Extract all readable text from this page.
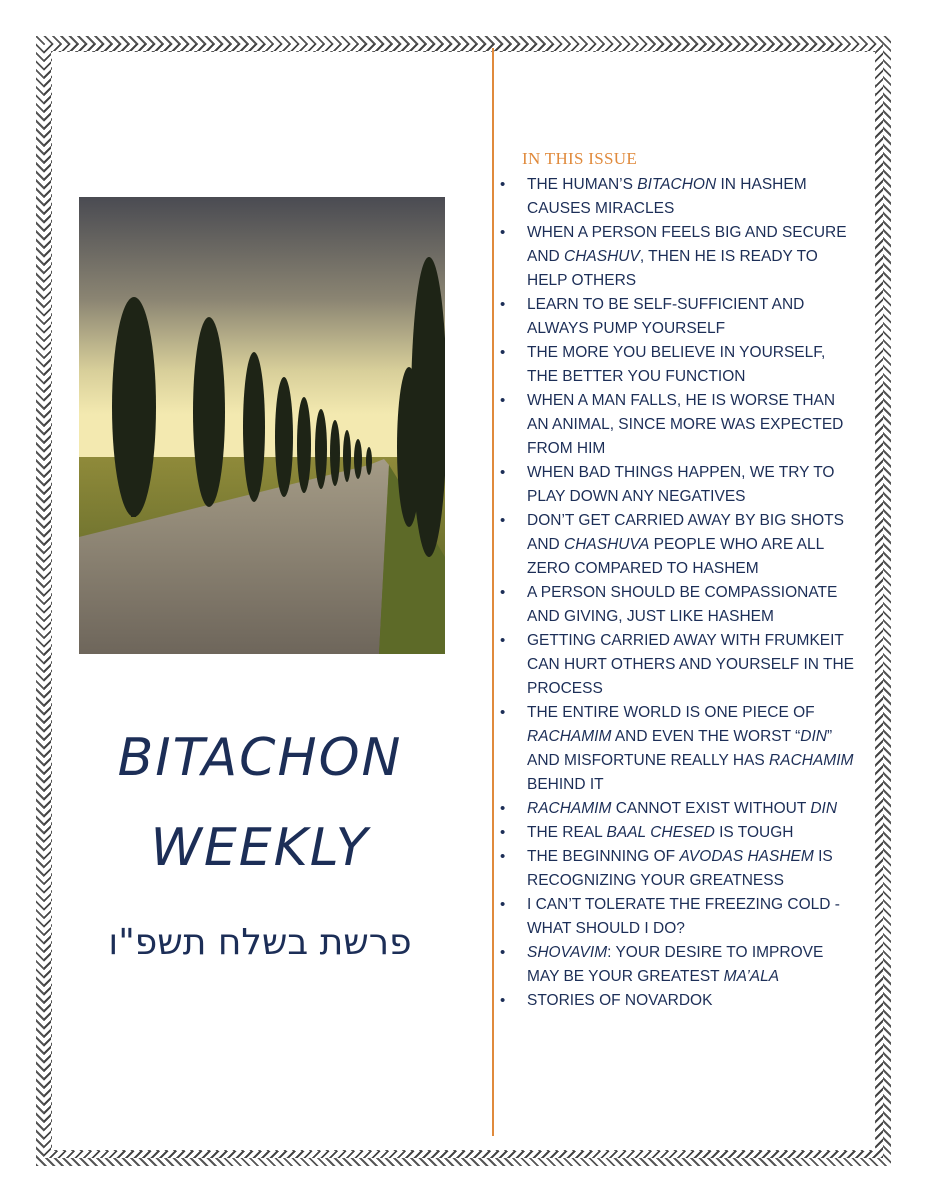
BITACHON
WEEKLY
פרשת בשלח תשפ"ו
IN THIS ISSUE
• THE HUMAN’S BITACHON IN HASHEM CAUSES MIRACLES
• WHEN A PERSON FEELS BIG AND SECURE AND CHASHUV, THEN HE IS READY TO HELP OTHERS
• LEARN TO BE SELF-SUFFICIENT AND ALWAYS PUMP YOURSELF
• THE MORE YOU BELIEVE IN YOURSELF, THE BETTER YOU FUNCTION
• WHEN A MAN FALLS, HE IS WORSE THAN AN ANIMAL, SINCE MORE WAS EXPECTED FROM HIM
• WHEN BAD THINGS HAPPEN, WE TRY TO PLAY DOWN ANY NEGATIVES
• DON’T GET CARRIED AWAY BY BIG SHOTS AND CHASHUVA PEOPLE WHO ARE ALL ZERO COMPARED TO HASHEM
• A PERSON SHOULD BE COMPASSIONATE AND GIVING, JUST LIKE HASHEM
• GETTING CARRIED AWAY WITH FRUMKEIT CAN HURT OTHERS AND YOURSELF IN THE PROCESS
• THE ENTIRE WORLD IS ONE PIECE OF RACHAMIM AND EVEN THE WORST “DIN” AND MISFORTUNE REALLY HAS RACHAMIM BEHIND IT
• RACHAMIM CANNOT EXIST WITHOUT DIN
• THE REAL BAAL CHESED IS TOUGH
• THE BEGINNING OF AVODAS HASHEM IS RECOGNIZING YOUR GREATNESS
• I CAN’T TOLERATE THE FREEZING COLD - WHAT SHOULD I DO?
• SHOVAVIM: YOUR DESIRE TO IMPROVE MAY BE YOUR GREATEST MA’ALA
• STORIES OF NOVARDOK
